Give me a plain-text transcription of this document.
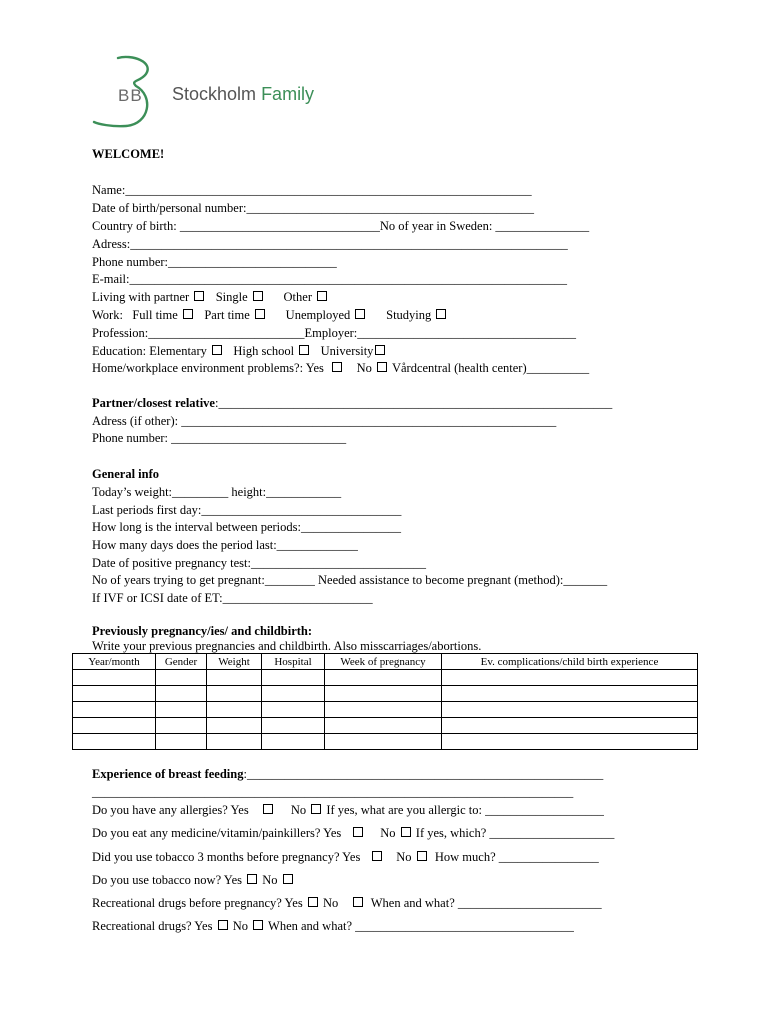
BB Stockholm Family
WELCOME!
Name:_________________________________________________________________
Date of birth/personal number:______________________________________________
Country of birth: ________________________________No of year in Sweden: _______________
Adress:______________________________________________________________________
Phone number:___________________________
E-mail:______________________________________________________________________
Living with partner Single	Other
Work: Full time Part time	Unemployed	Studying
Profession:_________________________Employer:___________________________________
Education: Elementary High school University
Home/workplace environment problems?: Yes	No Vårdcentral (health center)__________
Partner/closest relative:_______________________________________________________________
Adress (if other): ____________________________________________________________
Phone number: ____________________________
General info
Today’s weight:_________ height:____________
Last periods first day:________________________________
How long is the interval between periods:________________
How many days does the period last:_____________
Date of positive pregnancy test:____________________________
No of years trying to get pregnant:________ Needed assistance to become pregnant (method):_______
If IVF or ICSI date of ET:________________________
Previously pregnancy/ies/ and childbirth:
Write your previous pregnancies and childbirth. Also misscarriages/abortions.
Year/month	Gender	Weight	Hospital	Week of pregnancy	Ev. complications/child birth experience

Experience of breast feeding:_________________________________________________________
_____________________________________________________________________________
Do you have any allergies? Yes	No If yes, what are you allergic to: ___________________
Do you eat any medicine/vitamin/painkillers? Yes	No If yes, which? ____________________
Did you use tobacco 3 months before pregnancy? Yes	No How much? ________________
Do you use tobacco now? Yes No
Recreational drugs before pregnancy? Yes No	When and what? _______________________
Recreational drugs? Yes No When and what? ___________________________________
